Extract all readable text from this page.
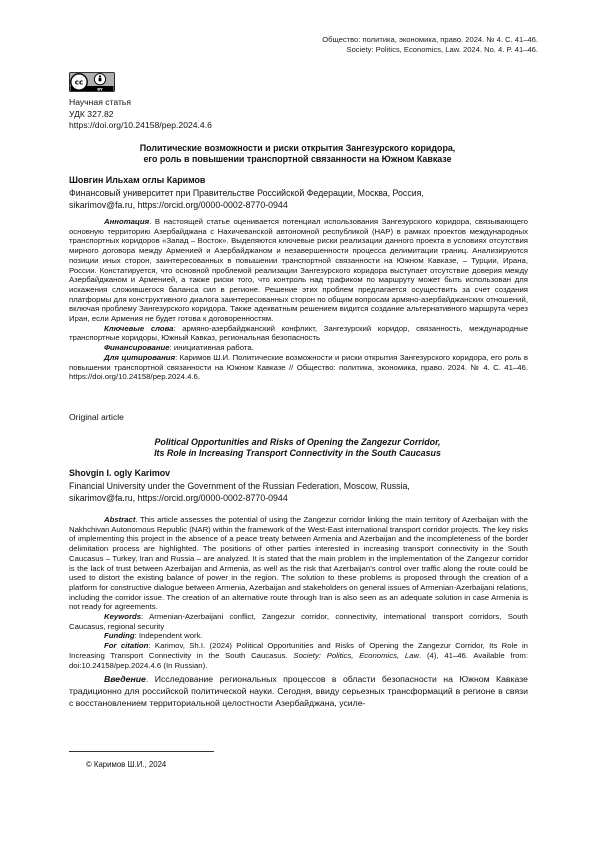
Общество: политика, экономика, право. 2024. № 4. С. 41–46.
Society: Politics, Economics, Law. 2024. No. 4. P. 41–46.
cc
BY
Научная статья
УДК 327.82
https://doi.org/10.24158/pep.2024.4.6
Политические возможности и риски открытия Зангезурского коридора,
его роль в повышении транспортной связанности на Южном Кавказе
Шовгин Ильхам оглы Каримов
Финансовый университет при Правительстве Российской Федерации, Москва, Россия,
sikarimov@fa.ru, https://orcid.org/0000-0002-8770-0944

Аннотация. В настоящей статье оценивается потенциал использования Зангезурского коридора, связывающего основную территорию Азербайджана с Нахичеванской автономной республикой (НАР) в рамках проектов международных транспортных коридоров «Запад – Восток». Выделяются ключевые риски реализации данного проекта в условиях отсутствия мирного договора между Арменией и Азербайджаном и незавершенности процесса делимитации границ. Анализируются позиции иных сторон, заинтересованных в повышении транспортной связанности на Южном Кавказе, – Турции, Ирана, России. Констатируется, что основной проблемой реализации Зангезурского коридора выступает отсутствие доверия между Азербайджаном и Арменией, а также риски того, что контроль над трафиком по маршруту может быть использован для искажения сложившегося баланса сил в регионе. Решение этих проблем предлагается осуществить за счет создания платформы для конструктивного диалога заинтересованных сторон по общим вопросам армяно-азербайджанских отношений, включая проблему Зангезурского коридора. Также адекватным решением видится создание альтернативного маршрута через Иран, если Армения не будет готова к договоренностям.

Ключевые слова: армяно-азербайджанский конфликт, Зангезурский коридор, связанность, международные транспортные коридоры, Южный Кавказ, региональная безопасность

Финансирование: инициативная работа.

Для цитирования: Каримов Ш.И. Политические возможности и риски открытия Зангезурского коридора, его роль в повышении транспортной связанности на Южном Кавказе // Общество: политика, экономика, право. 2024. № 4. С. 41–46. https://doi.org/10.24158/pep.2024.4.6.

Original article
Political Opportunities and Risks of Opening the Zangezur Corridor,
Its Role in Increasing Transport Connectivity in the South Caucasus
Shovgin I. ogly Karimov
Financial University under the Government of the Russian Federation, Moscow, Russia,
sikarimov@fa.ru, https://orcid.org/0000-0002-8770-0944

Abstract. This article assesses the potential of using the Zangezur corridor linking the main territory of Azerbaijan with the Nakhchivan Autonomous Republic (NAR) within the framework of the West-East international transport corridor projects. The key risks of implementing this project in the absence of a peace treaty between Armenia and Azerbaijan and the incompleteness of the border delimitation process are highlighted. The positions of other parties interested in increasing transport connectivity in the South Caucasus – Turkey, Iran and Russia – are analyzed. It is stated that the main problem in the implementation of the Zangezur corridor is the lack of trust between Azerbaijan and Armenia, as well as the risk that Azerbaijan’s control over traffic along the route could be used to distort the existing balance of power in the region. The solution to these problems is proposed through the creation of a platform for constructive dialogue between Armenia, Azerbaijan and stakeholders on general issues of Armenian-Azerbaijani relations, including the corridor issue. The creation of an alternative route through Iran is also seen as an adequate solution in case Armenia is not ready for agreements.

Keywords: Armenian-Azerbaijani conflict, Zangezur corridor, connectivity, international transport corridors, South Caucasus, regional security

Funding: Independent work.

For citation: Karimov, Sh.I. (2024) Political Opportunities and Risks of Opening the Zangezur Corridor, Its Role in Increasing Transport Connectivity in the South Caucasus. Society: Politics, Economics, Law. (4), 41–46. Available from: doi:10.24158/pep.2024.4.6 (In Russian).

Введение. Исследование региональных процессов в области безопасности на Южном Кавказе традиционно для российской политической науки. Сегодня, ввиду серьезных трансформаций в регионе в связи с восстановлением территориальной целостности Азербайджана, усиле-

© Каримов Ш.И., 2024
